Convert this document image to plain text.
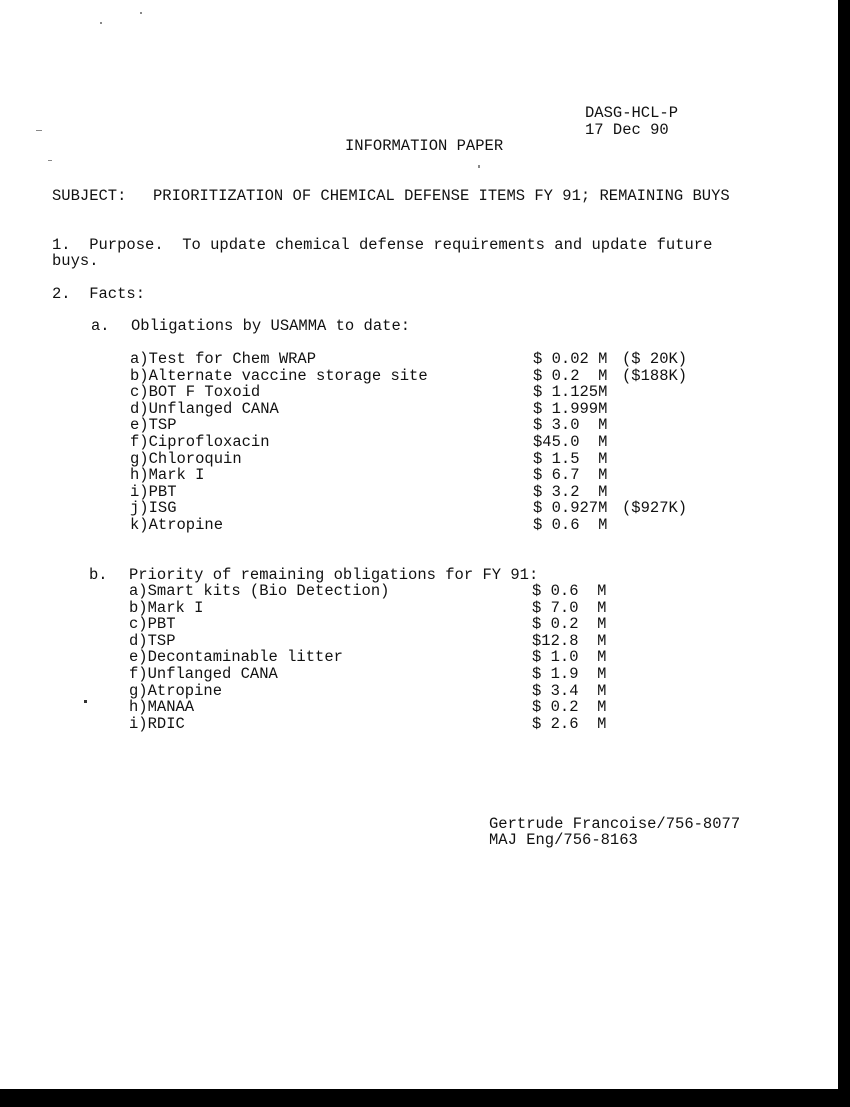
DASG-HCL-P
17 Dec 90
INFORMATION PAPER
SUBJECT: PRIORITIZATION OF CHEMICAL DEFENSE ITEMS FY 91; REMAINING BUYS
1.  Purpose.  To update chemical defense requirements and update future
buys.
2.  Facts:
a. Obligations by USAMMA to date:
a)Test for Chem WRAP	$ 0.02 M ($ 20K)
b)Alternate vaccine storage site	$ 0.2  M ($188K)
c)BOT F Toxoid	$ 1.125M
d)Unflanged CANA	$ 1.999M
e)TSP	$ 3.0  M
f)Ciprofloxacin	$45.0  M
g)Chloroquin	$ 1.5  M
h)Mark I	$ 6.7  M
i)PBT	$ 3.2  M
j)ISG	$ 0.927M ($927K)
k)Atropine	$ 0.6  M
b. Priority of remaining obligations for FY 91:
a)Smart kits (Bio Detection)	$ 0.6  M
b)Mark I	$ 7.0  M
c)PBT	$ 0.2  M
d)TSP	$12.8  M
e)Decontaminable litter	$ 1.0  M
f)Unflanged CANA	$ 1.9  M
g)Atropine	$ 3.4  M
h)MANAA	$ 0.2  M
i)RDIC	$ 2.6  M
Gertrude Francoise/756-8077
MAJ Eng/756-8163
